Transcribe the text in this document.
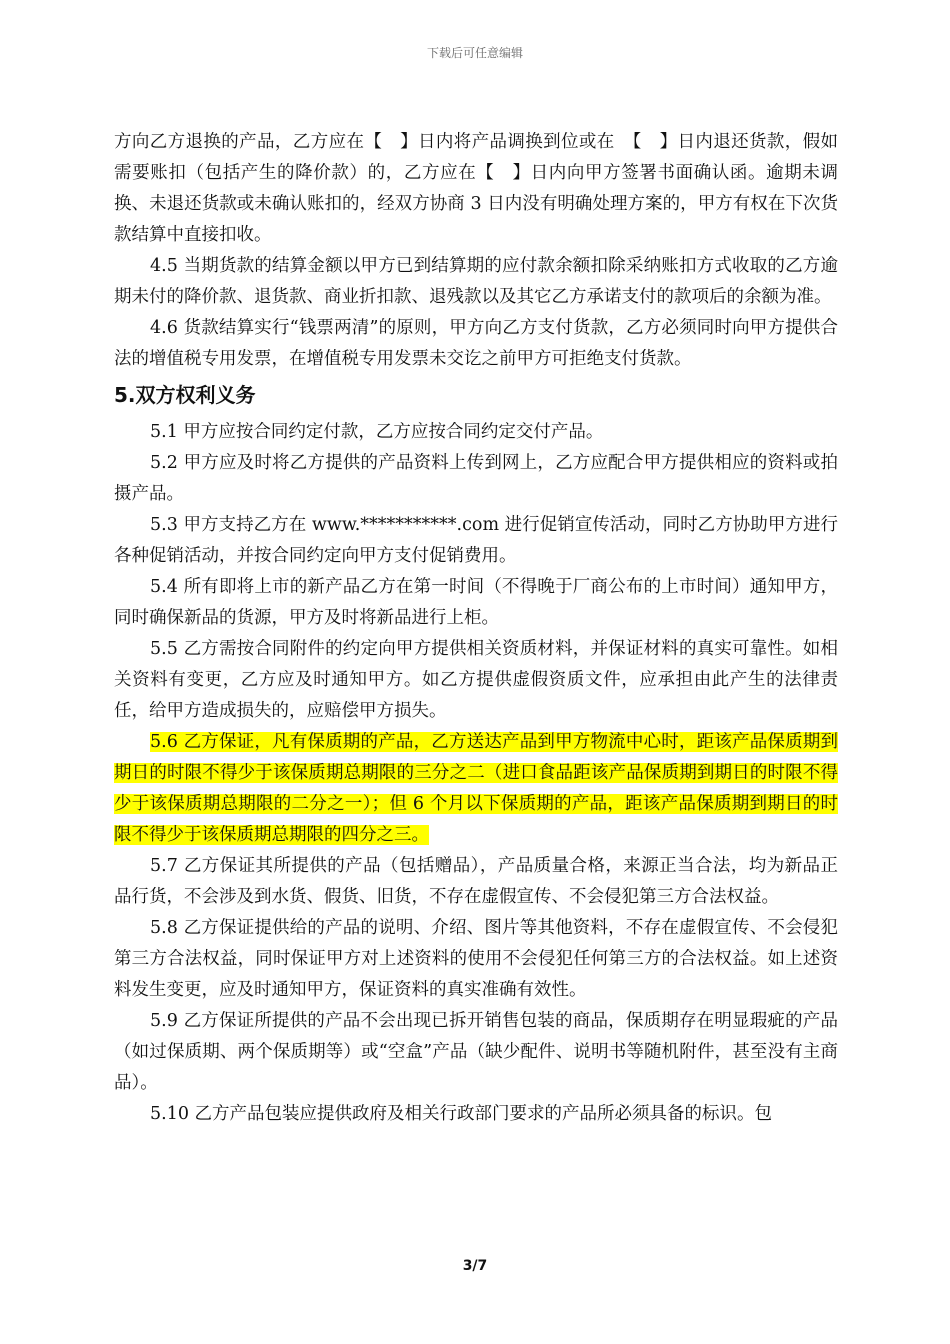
下载后可任意编辑

方向乙方退换的产品，乙方应在【　】日内将产品调换到位或在　【　】日内退还货款，假如需要账扣（包括产生的降价款）的，乙方应在【　】日内向甲方签署书面确认函。逾期未调换、未退还货款或未确认账扣的，经双方协商 3 日内没有明确处理方案的，甲方有权在下次货款结算中直接扣收。

4.5 当期货款的结算金额以甲方已到结算期的应付款余额扣除采纳账扣方式收取的乙方逾期未付的降价款、退货款、商业折扣款、退残款以及其它乙方承诺支付的款项后的余额为准。

4.6 货款结算实行“钱票两清”的原则，甲方向乙方支付货款，乙方必须同时向甲方提供合法的增值税专用发票，在增值税专用发票未交讫之前甲方可拒绝支付货款。

5.双方权利义务

5.1 甲方应按合同约定付款，乙方应按合同约定交付产品。

5.2 甲方应及时将乙方提供的产品资料上传到网上，乙方应配合甲方提供相应的资料或拍摄产品。

5.3 甲方支持乙方在 www.***********.com 进行促销宣传活动，同时乙方协助甲方进行各种促销活动，并按合同约定向甲方支付促销费用。

5.4 所有即将上市的新产品乙方在第一时间（不得晚于厂商公布的上市时间）通知甲方，同时确保新品的货源，甲方及时将新品进行上柜。

5.5 乙方需按合同附件的约定向甲方提供相关资质材料，并保证材料的真实可靠性。如相关资料有变更，乙方应及时通知甲方。如乙方提供虚假资质文件，应承担由此产生的法律责任，给甲方造成损失的，应赔偿甲方损失。

5.6 乙方保证，凡有保质期的产品，乙方送达产品到甲方物流中心时，距该产品保质期到期日的时限不得少于该保质期总期限的三分之二（进口食品距该产品保质期到期日的时限不得少于该保质期总期限的二分之一）；但 6 个月以下保质期的产品，距该产品保质期到期日的时限不得少于该保质期总期限的四分之三。

5.7 乙方保证其所提供的产品（包括赠品），产品质量合格，来源正当合法，均为新品正品行货，不会涉及到水货、假货、旧货，不存在虚假宣传、不会侵犯第三方合法权益。

5.8 乙方保证提供给的产品的说明、介绍、图片等其他资料，不存在虚假宣传、不会侵犯第三方合法权益，同时保证甲方对上述资料的使用不会侵犯任何第三方的合法权益。如上述资料发生变更，应及时通知甲方，保证资料的真实准确有效性。

5.9 乙方保证所提供的产品不会出现已拆开销售包装的商品，保质期存在明显瑕疵的产品（如过保质期、两个保质期等）或“空盒”产品（缺少配件、说明书等随机附件，甚至没有主商品）。

5.10 乙方产品包装应提供政府及相关行政部门要求的产品所必须具备的标识。包

3/7
